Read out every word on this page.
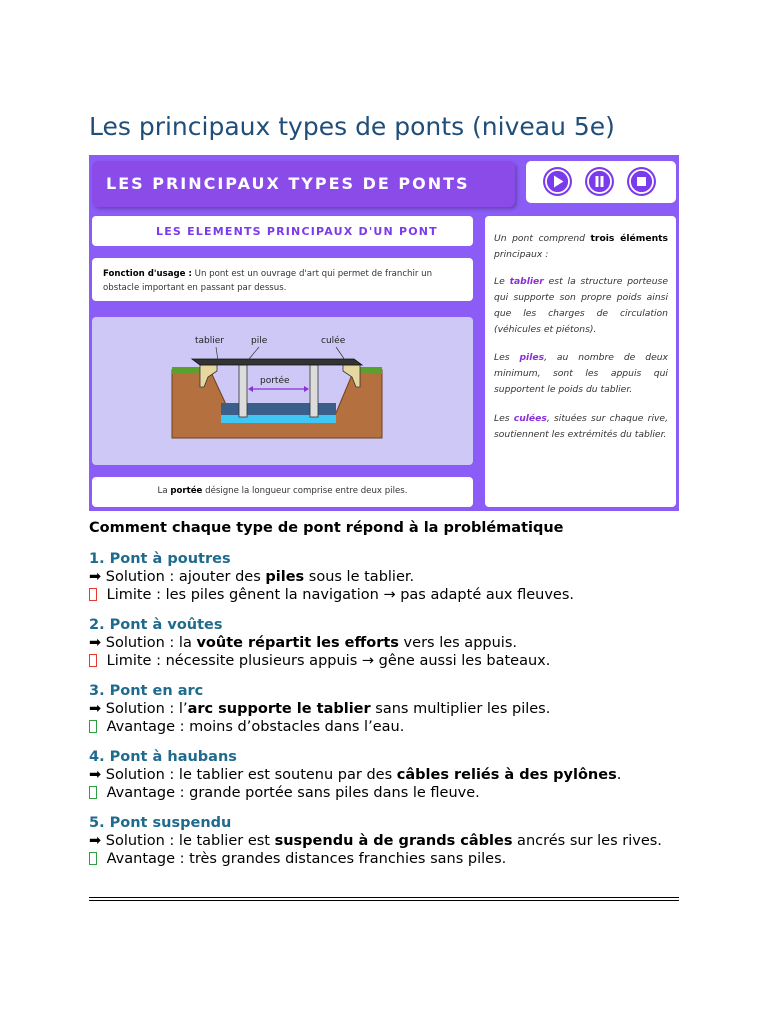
Les principaux types de ponts (niveau 5e)
LES PRINCIPAUX TYPES DE PONTS
LES ELEMENTS PRINCIPAUX D'UN PONT
Fonction d'usage : Un pont est un ouvrage d'art qui permet de franchir un obstacle important en passant par dessus.
tablier	pile	culée
portée
La portée désigne la longueur comprise entre deux piles.

Un pont comprend trois éléments principaux :

Le tablier est la structure porteuse qui supporte son propre poids ainsi que les charges de circulation (véhicules et piétons).

Les piles, au nombre de deux minimum, sont les appuis qui supportent le poids du tablier.

Les culées, situées sur chaque rive, soutiennent les extrémités du tablier.

Comment chaque type de pont répond à la problématique

1. Pont à poutres

➡ Solution : ajouter des piles sous le tablier.

Limite : les piles gênent la navigation → pas adapté aux fleuves.

2. Pont à voûtes

➡ Solution : la voûte répartit les efforts vers les appuis.

Limite : nécessite plusieurs appuis → gêne aussi les bateaux.

3. Pont en arc

➡ Solution : l’arc supporte le tablier sans multiplier les piles.

Avantage : moins d’obstacles dans l’eau.

4. Pont à haubans

➡ Solution : le tablier est soutenu par des câbles reliés à des pylônes.

Avantage : grande portée sans piles dans le fleuve.

5. Pont suspendu

➡ Solution : le tablier est suspendu à de grands câbles ancrés sur les rives.

Avantage : très grandes distances franchies sans piles.
